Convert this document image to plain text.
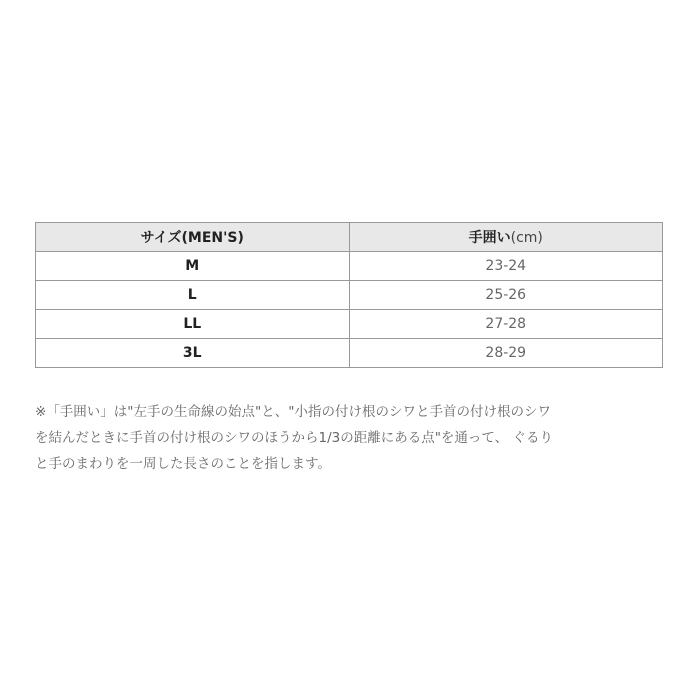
サイズ(MEN'S)	手囲い(cm)
M	23-24
L	25-26
LL	27-28
3L	28-29

※「手囲い」は"左手の生命線の始点"と、"小指の付け根のシワと手首の付け根のシワ

を結んだときに手首の付け根のシワのほうから1/3の距離にある点"を通って、 ぐるり

と手のまわりを一周した長さのことを指します。
